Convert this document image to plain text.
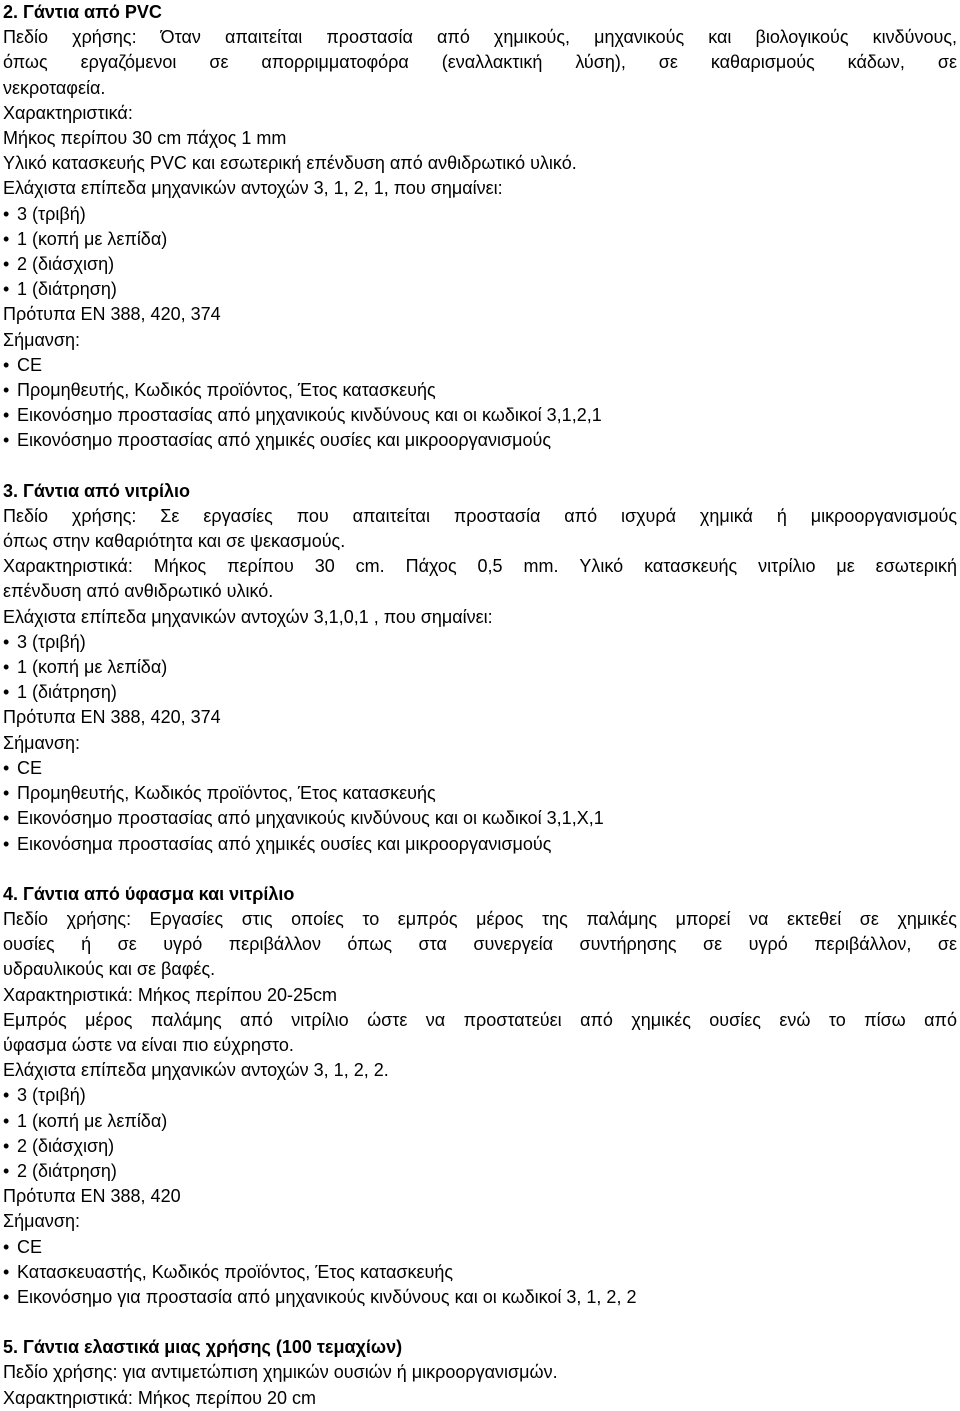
2. Γάντια από PVC
Πεδίο χρήσης: Όταν απαιτείται προστασία από χημικούς, μηχανικούς και βιολογικούς κινδύνους,
όπως εργαζόμενοι σε απορριμματοφόρα (εναλλακτική λύση), σε καθαρισμούς κάδων, σε
νεκροταφεία.
Χαρακτηριστικά:
Μήκος περίπου 30 cm πάχος 1 mm
Υλικό κατασκευής PVC και εσωτερική επένδυση από ανθιδρωτικό υλικό.
Ελάχιστα επίπεδα μηχανικών αντοχών 3, 1, 2, 1, που σημαίνει:
• 3 (τριβή)
• 1 (κοπή με λεπίδα)
• 2 (διάσχιση)
• 1 (διάτρηση)
Πρότυπα EN 388, 420, 374
Σήμανση:
• CE
• Προμηθευτής, Κωδικός προϊόντος, Έτος κατασκευής
• Εικονόσημο προστασίας από μηχανικούς κινδύνους και οι κωδικοί 3,1,2,1
• Εικονόσημο προστασίας από χημικές ουσίες και μικροοργανισμούς
3. Γάντια από νιτρίλιο
Πεδίο χρήσης: Σε εργασίες που απαιτείται προστασία από ισχυρά χημικά ή μικροοργανισμούς
όπως στην καθαριότητα και σε ψεκασμούς.
Χαρακτηριστικά: Μήκος περίπου 30 cm. Πάχος 0,5 mm. Υλικό κατασκευής νιτρίλιο με εσωτερική
επένδυση από ανθιδρωτικό υλικό.
Ελάχιστα επίπεδα μηχανικών αντοχών 3,1,0,1 , που σημαίνει:
• 3 (τριβή)
• 1 (κοπή με λεπίδα)
• 1 (διάτρηση)
Πρότυπα EN 388, 420, 374
Σήμανση:
• CE
• Προμηθευτής, Κωδικός προϊόντος, Έτος κατασκευής
• Εικονόσημο προστασίας από μηχανικούς κινδύνους και οι κωδικοί 3,1,Χ,1
• Εικονόσημα προστασίας από χημικές ουσίες και μικροοργανισμούς
4. Γάντια από ύφασμα και νιτρίλιο
Πεδίο χρήσης: Εργασίες στις οποίες το εμπρός μέρος της παλάμης μπορεί να εκτεθεί σε χημικές
ουσίες ή σε υγρό περιβάλλον όπως στα συνεργεία συντήρησης σε υγρό περιβάλλον, σε
υδραυλικούς και σε βαφές.
Χαρακτηριστικά: Μήκος περίπου 20-25cm
Εμπρός μέρος παλάμης από νιτρίλιο ώστε να προστατεύει από χημικές ουσίες ενώ το πίσω από
ύφασμα ώστε να είναι πιο εύχρηστο.
Ελάχιστα επίπεδα μηχανικών αντοχών 3, 1, 2, 2.
• 3 (τριβή)
• 1 (κοπή με λεπίδα)
• 2 (διάσχιση)
• 2 (διάτρηση)
Πρότυπα EN 388, 420
Σήμανση:
• CE
• Κατασκευαστής, Κωδικός προϊόντος, Έτος κατασκευής
• Εικονόσημο για προστασία από μηχανικούς κινδύνους και οι κωδικοί 3, 1, 2, 2
5. Γάντια ελαστικά μιας χρήσης (100 τεμαχίων)
Πεδίο χρήσης: για αντιμετώπιση χημικών ουσιών ή μικροοργανισμών.
Χαρακτηριστικά: Μήκος περίπου 20 cm
